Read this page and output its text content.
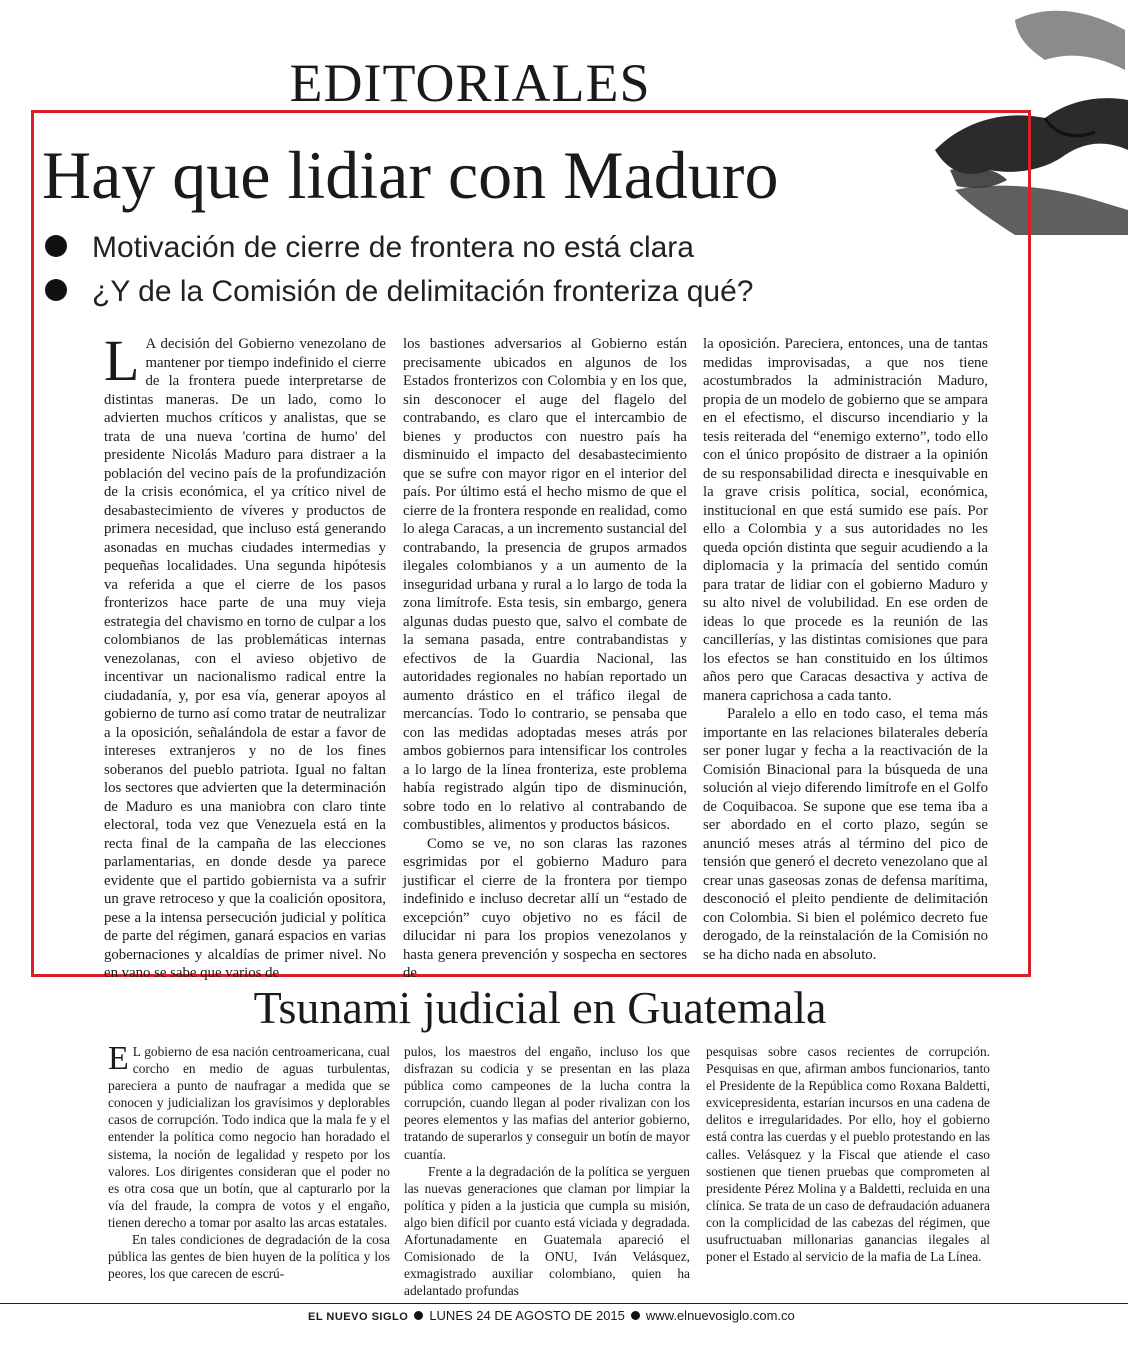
EDITORIALES
Hay que lidiar con Maduro
Motivación de cierre de frontera no está clara
¿Y de la Comisión de delimitación fronteriza qué?
L A decisión del Gobierno venezolano de mantener por tiempo indefinido el cierre de la frontera puede interpretarse de distintas maneras. De un lado, como lo advierten muchos críticos y analistas, que se trata de una nueva 'cortina de humo' del presidente Nicolás Maduro para distraer a la población del vecino país de la profundización de la crisis económica, el ya crítico nivel de desabastecimiento de víveres y productos de primera necesidad, que incluso está generando asonadas en muchas ciudades intermedias y pequeñas localidades. Una segunda hipótesis va referida a que el cierre de los pasos fronterizos hace parte de una muy vieja estrategia del chavismo en torno de culpar a los colombianos de las problemáticas internas venezolanas, con el avieso objetivo de incentivar un nacionalismo radical entre la ciudadanía, y, por esa vía, generar apoyos al gobierno de turno así como tratar de neutralizar a la oposición, señalándola de estar a favor de intereses extranjeros y no de los fines soberanos del pueblo patriota. Igual no faltan los sectores que advierten que la determinación de Maduro es una maniobra con claro tinte electoral, toda vez que Venezuela está en la recta final de la campaña de las elecciones parlamentarias, en donde desde ya parece evidente que el partido gobiernista va a sufrir un grave retroceso y que la coalición opositora, pese a la intensa persecución judicial y política de parte del régimen, ganará espacios en varias gobernaciones y alcaldías de primer nivel. No en vano se sabe que varios de

los bastiones adversarios al Gobierno están precisamente ubicados en algunos de los Estados fronterizos con Colombia y en los que, sin desconocer el auge del flagelo del contrabando, es claro que el intercambio de bienes y productos con nuestro país ha disminuido el impacto del desabastecimiento que se sufre con mayor rigor en el interior del país. Por último está el hecho mismo de que el cierre de la frontera responde en realidad, como lo alega Caracas, a un incremento sustancial del contrabando, la presencia de grupos armados ilegales colombianos y a un aumento de la inseguridad urbana y rural a lo largo de toda la zona limítrofe. Esta tesis, sin embargo, genera algunas dudas puesto que, salvo el combate de la semana pasada, entre contrabandistas y efectivos de la Guardia Nacional, las autoridades regionales no habían reportado un aumento drástico en el tráfico ilegal de mercancías. Todo lo contrario, se pensaba que con las medidas adoptadas meses atrás por ambos gobiernos para intensificar los controles a lo largo de la línea fronteriza, este problema había registrado algún tipo de disminución, sobre todo en lo relativo al contrabando de combustibles, alimentos y productos básicos.

Como se ve, no son claras las razones esgrimidas por el gobierno Maduro para justificar el cierre de la frontera por tiempo indefinido e incluso decretar allí un “estado de excepción” cuyo objetivo no es fácil de dilucidar ni para los propios venezolanos y hasta genera prevención y sospecha en sectores de

la oposición. Pareciera, entonces, una de tantas medidas improvisadas, a que nos tiene acostumbrados la administración Maduro, propia de un modelo de gobierno que se ampara en el efectismo, el discurso incendiario y la tesis reiterada del “enemigo externo”, todo ello con el único propósito de distraer a la opinión de su responsabilidad directa e inesquivable en la grave crisis política, social, económica, institucional en que está sumido ese país. Por ello a Colombia y a sus autoridades no les queda opción distinta que seguir acudiendo a la diplomacia y la primacía del sentido común para tratar de lidiar con el gobierno Maduro y su alto nivel de volubilidad. En ese orden de ideas lo que procede es la reunión de las cancillerías, y las distintas comisiones que para los efectos se han constituido en los últimos años pero que Caracas desactiva y activa de manera caprichosa a cada tanto.

Paralelo a ello en todo caso, el tema más importante en las relaciones bilaterales debería ser poner lugar y fecha a la reactivación de la Comisión Binacional para la búsqueda de una solución al viejo diferendo limítrofe en el Golfo de Coquibacoa. Se supone que ese tema iba a ser abordado en el corto plazo, según se anunció meses atrás al término del pico de tensión que generó el decreto venezolano que al crear unas gaseosas zonas de defensa marítima, desconoció el pleito pendiente de delimitación con Colombia. Si bien el polémico decreto fue derogado, de la reinstalación de la Comisión no se ha dicho nada en absoluto.

Tsunami judicial en Guatemala
E L gobierno de esa nación centroamericana, cual corcho en medio de aguas turbulentas, pareciera a punto de naufragar a medida que se conocen y judicializan los gravísimos y deplorables casos de corrupción. Todo indica que la mala fe y el entender la política como negocio han horadado el sistema, la noción de legalidad y respeto por los valores. Los dirigentes consideran que el poder no es otra cosa que un botín, que al capturarlo por la vía del fraude, la compra de votos y el engaño, tienen derecho a tomar por asalto las arcas estatales.

En tales condiciones de degradación de la cosa pública las gentes de bien huyen de la política y los peores, los que carecen de escrú-

pulos, los maestros del engaño, incluso los que disfrazan su codicia y se presentan en las plaza pública como campeones de la lucha contra la corrupción, cuando llegan al poder rivalizan con los peores elementos y las mafias del anterior gobierno, tratando de superarlos y conseguir un botín de mayor cuantía.

Frente a la degradación de la política se yerguen las nuevas generaciones que claman por limpiar la política y piden a la justicia que cumpla su misión, algo bien difícil por cuanto está viciada y degradada. Afortunadamente en Guatemala apareció el Comisionado de la ONU, Iván Velásquez, exmagistrado auxiliar colombiano, quien ha adelantado profundas

pesquisas sobre casos recientes de corrupción. Pesquisas en que, afirman ambos funcionarios, tanto el Presidente de la República como Roxana Baldetti, exvicepresidenta, estarían incursos en una cadena de delitos e irregularidades. Por ello, hoy el gobierno está contra las cuerdas y el pueblo protestando en las calles. Velásquez y la Fiscal que atiende el caso sostienen que tienen pruebas que comprometen al presidente Pérez Molina y a Baldetti, recluida en una clínica. Se trata de un caso de defraudación aduanera con la complicidad de las cabezas del régimen, que usufructuaban millonarias ganancias ilegales al poner el Estado al servicio de la mafia de La Línea.

EL NUEVO SIGLO LUNES 24 DE AGOSTO DE 2015 www.elnuevosiglo.com.co
